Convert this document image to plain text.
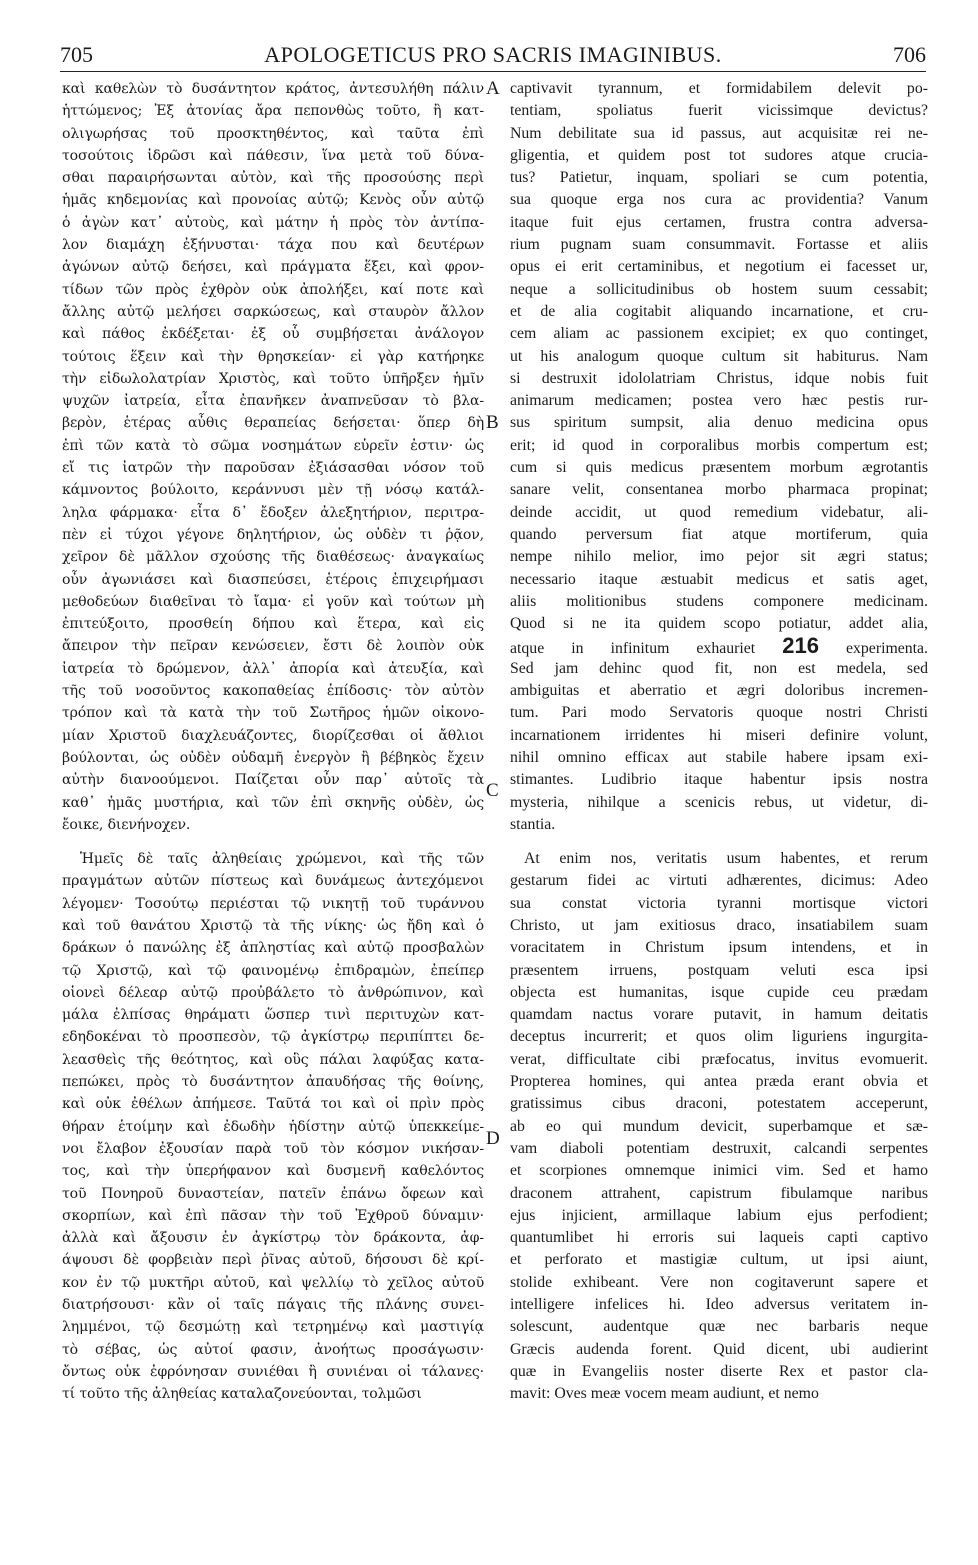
705	APOLOGETICUS PRO SACRIS IMAGINIBUS.	706
καὶ καθελὼν τὸ δυσάντητον κράτος, ἀντεσυλήθη πάλιν
ἡττώμενος; Ἐξ ἀτονίας ἄρα πεπονθὼς τοῦτο, ἢ κατ-
ολιγωρήσας τοῦ προσκτηθέντος, καὶ ταῦτα ἐπὶ
τοσούτοις ἱδρῶσι καὶ πάθεσιν, ἵνα μετὰ τοῦ δύνα-
σθαι παραιρήσωνται αὐτὸν, καὶ τῆς προσούσης περὶ
ἡμᾶς κηδεμονίας καὶ προνοίας αὐτῷ; Κενὸς οὖν αὐτῷ
ὁ ἀγὼν κατ᾽ αὐτοὺς, καὶ μάτην ἡ πρὸς τὸν ἀντίπα-
λον διαμάχη ἐξήνυσται· τάχα που καὶ δευτέρων
ἀγώνων αὐτῷ δεήσει, καὶ πράγματα ἕξει, καὶ φρον-
τίδων τῶν πρὸς ἐχθρὸν οὐκ ἀπολήξει, καί ποτε καὶ
ἄλλης αὐτῷ μελήσει σαρκώσεως, καὶ σταυρὸν ἄλλον
καὶ πάθος ἐκδέξεται· ἐξ οὗ συμβήσεται ἀνάλογον
τούτοις ἕξειν καὶ τὴν θρησκείαν· εἰ γὰρ κατήρηκε
τὴν εἰδωλολατρίαν Χριστὸς, καὶ τοῦτο ὑπῆρξεν ἡμῖν
ψυχῶν ἰατρεία, εἶτα ἐπανῆκεν ἀναπνεῦσαν τὸ βλα-
βερὸν, ἑτέρας αὖθις θεραπείας δεήσεται· ὅπερ δὴ
ἐπὶ τῶν κατὰ τὸ σῶμα νοσημάτων εὑρεῖν ἐστιν· ὡς
εἴ τις ἰατρῶν τὴν παροῦσαν ἐξιάσασθαι νόσον τοῦ
κάμνοντος βούλοιτο, κεράννυσι μὲν τῇ νόσῳ κατάλ-
ληλα φάρμακα· εἶτα δ᾽ ἔδοξεν ἀλεξητήριον, περιτρα-
πὲν εἰ τύχοι γέγονε δηλητήριον, ὡς οὐδὲν τι ῥᾷον,
χεῖρον δὲ μᾶλλον σχούσης τῆς διαθέσεως· ἀναγκαίως
οὖν ἀγωνιάσει καὶ διασπεύσει, ἑτέροις ἐπιχειρήμασι
μεθοδεύων διαθεῖναι τὸ ἴαμα· εἰ γοῦν καὶ τούτων μὴ
ἐπιτεύξοιτο, προσθείη δήπου καὶ ἕτερα, καὶ εἰς
ἄπειρον τὴν πεῖραν κενώσειεν, ἔστι δὲ λοιπὸν οὐκ
ἰατρεία τὸ δρώμενον, ἀλλ᾽ ἀπορία καὶ ἀτευξία, καὶ
τῆς τοῦ νοσοῦντος κακοπαθείας ἐπίδοσις· τὸν αὐτὸν
τρόπον καὶ τὰ κατὰ τὴν τοῦ Σωτῆρος ἡμῶν οἰκονο-
μίαν Χριστοῦ διαχλευάζοντες, διορίζεσθαι οἱ ἄθλιοι
βούλονται, ὡς οὐδὲν οὐδαμῆ ἐνεργὸν ἢ βέβηκὸς ἔχειν
αὐτὴν διανοούμενοι. Παίζεται οὖν παρ᾽ αὐτοῖς τὰ
καθ᾽ ἡμᾶς μυστήρια, καὶ τῶν ἐπὶ σκηνῆς οὐδὲν, ὡς
ἔοικε, διενήνοχεν.
Ἡμεῖς δὲ ταῖς ἀληθείαις χρώμενοι, καὶ τῆς τῶν
πραγμάτων αὐτῶν πίστεως καὶ δυνάμεως ἀντεχόμενοι
λέγομεν· Τοσούτῳ περιέσται τῷ νικητῇ τοῦ τυράννου
καὶ τοῦ θανάτου Χριστῷ τὰ τῆς νίκης· ὡς ἤδη καὶ ὁ
δράκων ὁ πανώλης ἐξ ἀπληστίας καὶ αὐτῷ προσβαλὼν
τῷ Χριστῷ, καὶ τῷ φαινομένῳ ἐπιδραμὼν, ἐπείπερ
οἱονεὶ δέλεαρ αὐτῷ προὐβάλετο τὸ ἀνθρώπινον, καὶ
μάλα ἐλπίσας θηράματι ὥσπερ τινὶ περιτυχὼν κατ-
εδηδοκέναι τὸ προσπεσὸν, τῷ ἀγκίστρῳ περιπίπτει δε-
λεασθεὶς τῆς θεότητος, καὶ οὓς πάλαι λαφύξας κατα-
πεπώκει, πρὸς τὸ δυσάντητον ἀπαυδήσας τῆς θοίνης,
καὶ οὐκ ἐθέλων ἀπήμεσε. Ταῦτά τοι καὶ οἱ πρὶν πρὸς
θήραν ἑτοίμην καὶ ἐδωδὴν ἡδίστην αὐτῷ ὑπεκκείμε-
νοι ἔλαβον ἐξουσίαν παρὰ τοῦ τὸν κόσμον νικήσαν-
τος, καὶ τὴν ὑπερήφανον καὶ δυσμενῆ καθελόντος
τοῦ Πονηροῦ δυναστείαν, πατεῖν ἐπάνω ὄφεων καὶ
σκορπίων, καὶ ἐπὶ πᾶσαν τὴν τοῦ Ἐχθροῦ δύναμιν·
ἀλλὰ καὶ ἄξουσιν ἐν ἀγκίστρῳ τὸν δράκοντα, ἀφ-
άψουσι δὲ φορβειὰν περὶ ῥῖνας αὐτοῦ, δήσουσι δὲ κρί-
κον ἐν τῷ μυκτῆρι αὐτοῦ, καὶ ψελλίῳ τὸ χεῖλος αὐτοῦ
διατρήσουσι· κἂν οἱ ταῖς πάγαις τῆς πλάνης συνει-
λημμένοι, τῷ δεσμώτῃ καὶ τετρημένῳ καὶ μαστιγίᾳ
τὸ σέβας, ὡς αὐτοί φασιν, ἀνοήτως προσάγωσιν·
ὄντως οὐκ ἐφρόνησαν συνιέθαι ἢ συνιέναι οἱ τάλανες·
τί τοῦτο τῆς ἀληθείας καταλαζονεύονται, τολμῶσι
captivavit tyrannum, et formidabilem delevit po-
tentiam, spoliatus fuerit vicissimque devictus?
Num debilitate sua id passus, aut acquisitæ rei ne-
gligentia, et quidem post tot sudores atque crucia-
tus? Patietur, inquam, spoliari se cum potentia,
sua quoque erga nos cura ac providentia? Vanum
itaque fuit ejus certamen, frustra contra adversa-
rium pugnam suam consummavit. Fortasse et aliis
opus ei erit certaminibus, et negotium ei facesset ur,
neque a sollicitudinibus ob hostem suum cessabit;
et de alia cogitabit aliquando incarnatione, et cru-
cem aliam ac passionem excipiet; ex quo continget,
ut his analogum quoque cultum sit habiturus. Nam
si destruxit idololatriam Christus, idque nobis fuit
animarum medicamen; postea vero hæc pestis rur-
sus spiritum sumpsit, alia denuo medicina opus
erit; id quod in corporalibus morbis compertum est;
cum si quis medicus præsentem morbum ægrotantis
sanare velit, consentanea morbo pharmaca propinat;
deinde accidit, ut quod remedium videbatur, ali-
quando perversum fiat atque mortiferum, quia
nempe nihilo melior, imo pejor sit ægri status;
necessario itaque æstuabit medicus et satis aget,
aliis molitionibus studens componere medicinam.
Quod si ne ita quidem scopo potiatur, addet alia,
atque in infinitum exhauriet 216 experimenta.
Sed jam dehinc quod fit, non est medela, sed
ambiguitas et aberratio et ægri doloribus incremen-
tum. Pari modo Servatoris quoque nostri Christi
incarnationem irridentes hi miseri definire volunt,
nihil omnino efficax aut stabile habere ipsam exi-
stimantes. Ludibrio itaque habentur ipsis nostra
mysteria, nihilque a scenicis rebus, ut videtur, di-
stantia.
At enim nos, veritatis usum habentes, et rerum
gestarum fidei ac virtuti adhærentes, dicimus: Adeo
sua constat victoria tyranni mortisque victori
Christo, ut jam exitiosus draco, insatiabilem suam
voracitatem in Christum ipsum intendens, et in
præsentem irruens, postquam veluti esca ipsi
objecta est humanitas, isque cupide ceu prædam
quamdam nactus vorare putavit, in hamum deitatis
deceptus incurrerit; et quos olim liguriens ingurgita-
verat, difficultate cibi præfocatus, invitus evomuerit.
Propterea homines, qui antea præda erant obvia et
gratissimus cibus draconi, potestatem acceperunt,
ab eo qui mundum devicit, superbamque et sæ-
vam diaboli potentiam destruxit, calcandi serpentes
et scorpiones omnemque inimici vim. Sed et hamo
draconem attrahent, capistrum fibulamque naribus
ejus injicient, armillaque labium ejus perfodient;
quantumlibet hi erroris sui laqueis capti captivo
et perforato et mastigiæ cultum, ut ipsi aiunt,
stolide exhibeant. Vere non cogitaverunt sapere et
intelligere infelices hi. Ideo adversus veritatem in-
solescunt, audentque quæ nec barbaris neque
Græcis audenda forent. Quid dicent, ubi audierint
quæ in Evangeliis noster diserte Rex et pastor cla-
mavit: Oves meæ vocem meam audiunt, et nemo
A
B
C
D
